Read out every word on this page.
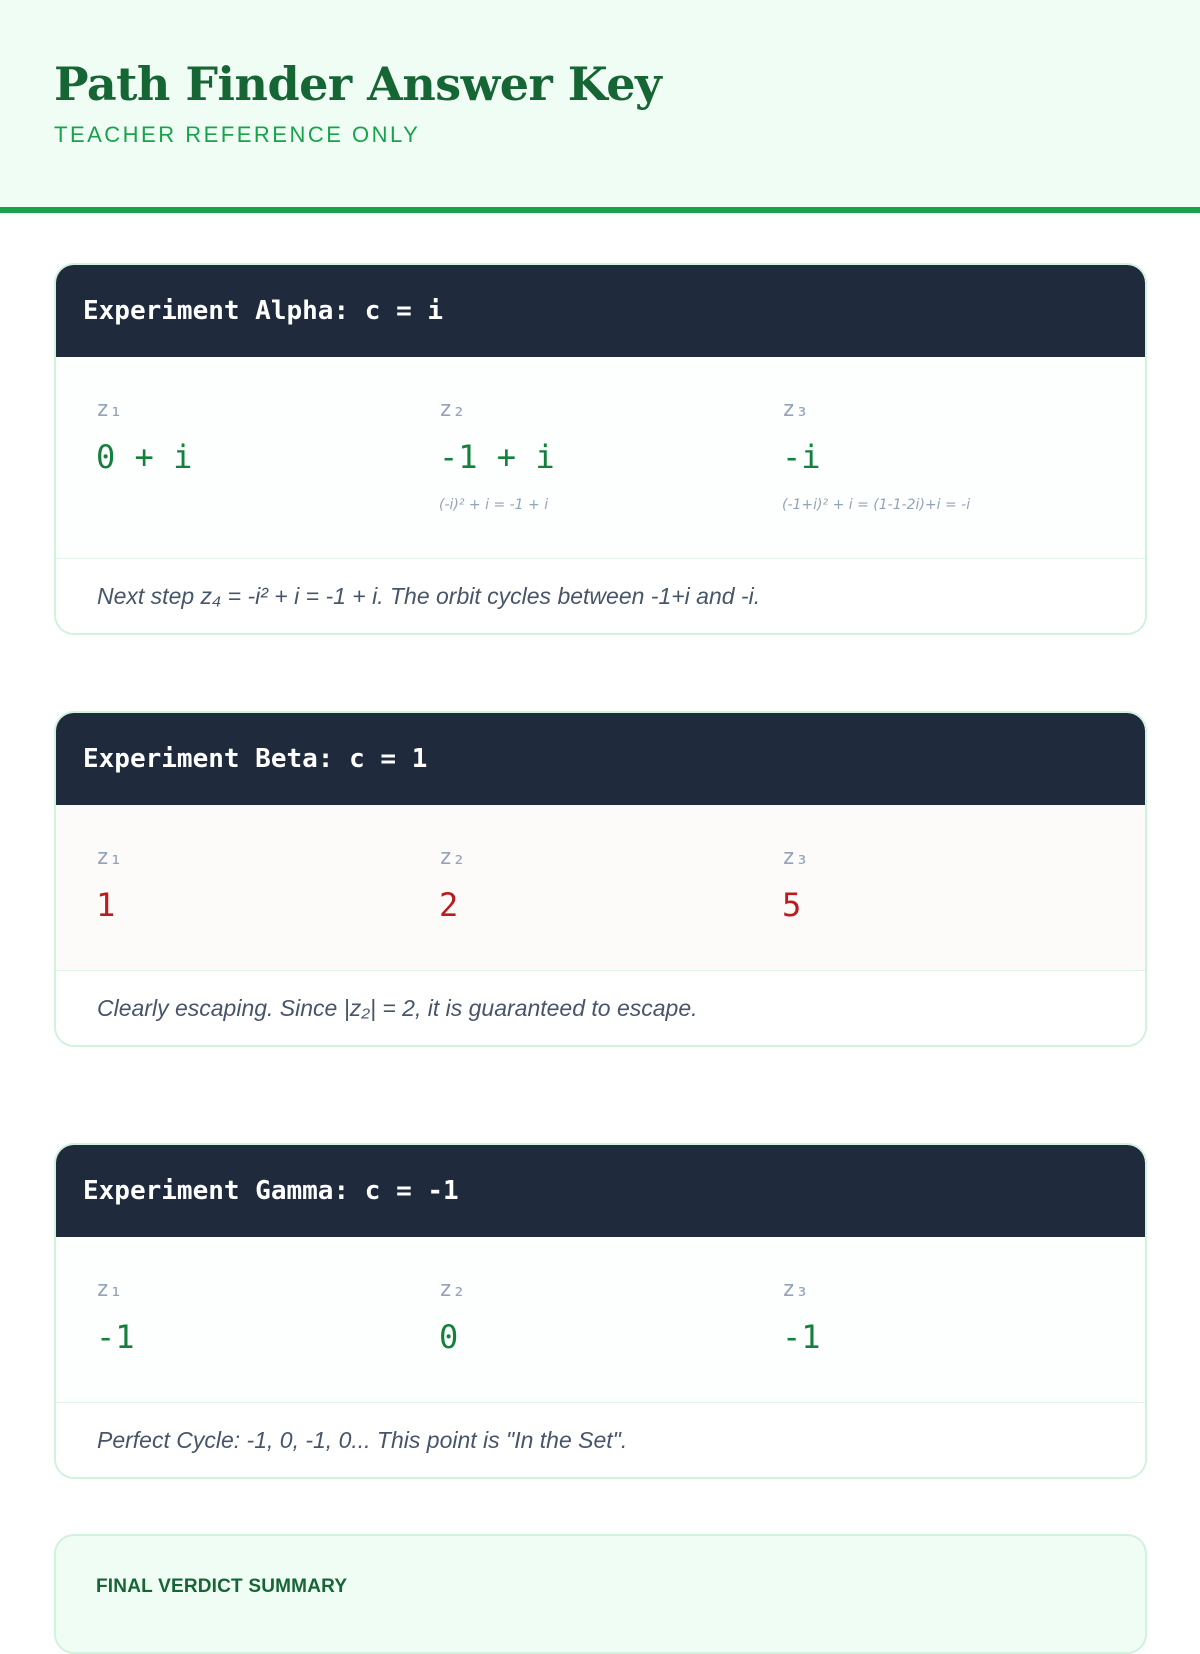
Path Finder Answer Key
TEACHER REFERENCE ONLY
Experiment Alpha: c = i
z₁
0 + i
z₂
-1 + i
(-i)² + i = -1 + i
z₃
-i
(-1+i)² + i = (1-1-2i)+i = -i
Next step z₄ = -i² + i = -1 + i. The orbit cycles between -1+i and -i.
Experiment Beta: c = 1
z₁
1
z₂
2
z₃
5
Clearly escaping. Since |z₂| = 2, it is guaranteed to escape.
Experiment Gamma: c = -1
z₁
-1
z₂
0
z₃
-1
Perfect Cycle: -1, 0, -1, 0... This point is "In the Set".
FINAL VERDICT SUMMARY
